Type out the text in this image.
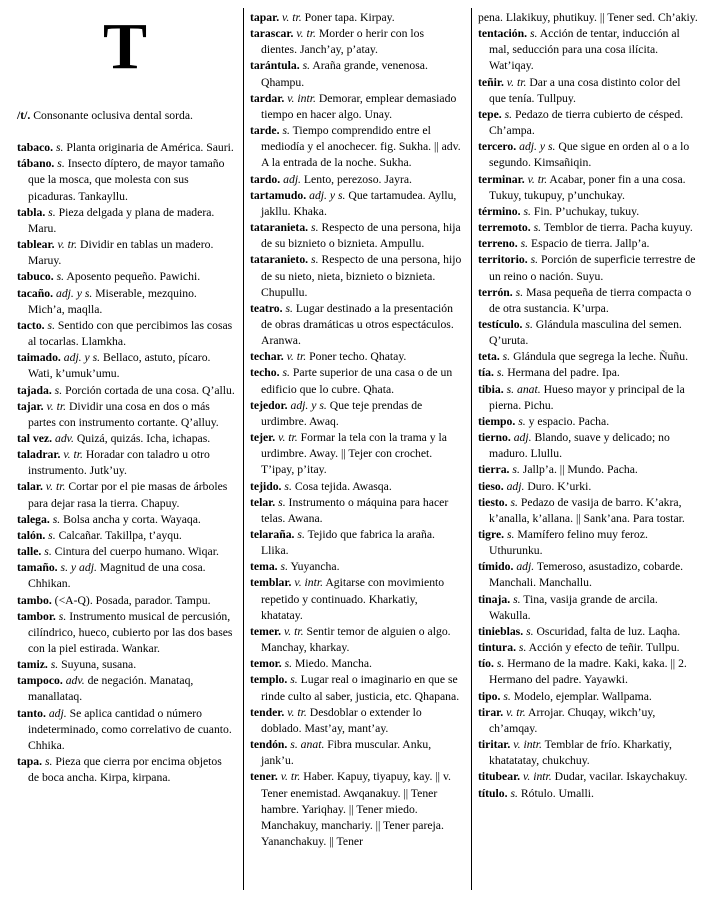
T
/t/. Consonante oclusiva dental sorda.
tabaco. s. Planta originaria de América. Sauri.
tábano. s. Insecto díptero, de mayor tamaño que la mosca, que molesta con sus picaduras. Tankayllu.
tabla. s. Pieza delgada y plana de madera. Maru.
tablear. v. tr. Dividir en tablas un madero. Maruy.
tabuco. s. Aposento pequeño. Pawichi.
tacaño. adj. y s. Miserable, mezquino. Mich’a, maqlla.
tacto. s. Sentido con que percibimos las cosas al tocarlas. Llamkha.
taimado. adj. y s. Bellaco, astuto, pícaro. Wati, k’umuk’umu.
tajada. s. Porción cortada de una cosa. Q’allu.
tajar. v. tr. Dividir una cosa en dos o más partes con instrumento cortante. Q’alluy.
tal vez. adv. Quizá, quizás. Icha, ichapas.
taladrar. v. tr. Horadar con taladro u otro instrumento. Jutk’uy.
talar. v. tr. Cortar por el pie masas de árboles para dejar rasa la tierra. Chapuy.
talega. s. Bolsa ancha y corta. Wayaqa.
talón. s. Calcañar. Takillpa, t’ayqu.
talle. s. Cintura del cuerpo humano. Wiqar.
tamaño. s. y adj. Magnitud de una cosa. Chhikan.
tambo. (<A-Q). Posada, parador. Tampu.
tambor. s. Instrumento musical de percusión, cilíndrico, hueco, cubierto por las dos bases con la piel estirada. Wankar.
tamiz. s. Suyuna, susana.
tampoco. adv. de negación. Manataq, manallataq.
tanto. adj. Se aplica cantidad o número indeterminado, como correlativo de cuanto. Chhika.
tapa. s. Pieza que cierra por encima objetos de boca ancha. Kirpa, kirpana.
tapar. v. tr. Poner tapa. Kirpay.
tarascar. v. tr. Morder o herir con los dientes. Janch’ay, p’atay.
tarántula. s. Araña grande, venenosa. Qhampu.
tardar. v. intr. Demorar, emplear demasiado tiempo en hacer algo. Unay.
tarde. s. Tiempo comprendido entre el mediodía y el anochecer. fig. Sukha. || adv. A la entrada de la noche. Sukha.
tardo. adj. Lento, perezoso. Jayra.
tartamudo. adj. y s. Que tartamudea. Ayllu, jakllu. Khaka.
tataranieta. s. Respecto de una persona, hija de su biznieto o biznieta. Ampullu.
tataranieto. s. Respecto de una persona, hijo de su nieto, nieta, biznieto o biznieta. Chupullu.
teatro. s. Lugar destinado a la presentación de obras dramáticas u otros espectáculos. Aranwa.
techar. v. tr. Poner techo. Qhatay.
techo. s. Parte superior de una casa o de un edificio que lo cubre. Qhata.
tejedor. adj. y s. Que teje prendas de urdimbre. Awaq.
tejer. v. tr. Formar la tela con la trama y la urdimbre. Away. || Tejer con crochet. T’ipay, p’itay.
tejido. s. Cosa tejida. Awasqa.
telar. s. Instrumento o máquina para hacer telas. Awana.
telaraña. s. Tejido que fabrica la araña. Llika.
tema. s. Yuyancha.
temblar. v. intr. Agitarse con movimiento repetido y continuado. Kharkatiy, khatatay.
temer. v. tr. Sentir temor de alguien o algo. Manchay, kharkay.
temor. s. Miedo. Mancha.
templo. s. Lugar real o imaginario en que se rinde culto al saber, justicia, etc. Qhapana.
tender. v. tr. Desdoblar o extender lo doblado. Mast’ay, mant’ay.
tendón. s. anat. Fibra muscular. Anku, jank’u.
tener. v. tr. Haber. Kapuy, tiyapuy, kay. || v. Tener enemistad. Awqanakuy. || Tener hambre. Yariqhay. || Tener miedo. Manchakuy, manchariy. || Tener pareja. Yananchakuy. || Tener
pena. Llakikuy, phutikuy. || Tener sed. Ch’akiy.
tentación. s. Acción de tentar, inducción al mal, seducción para una cosa ilícita. Wat’iqay.
teñir. v. tr. Dar a una cosa distinto color del que tenía. Tullpuy.
tepe. s. Pedazo de tierra cubierto de césped. Ch’ampa.
tercero. adj. y s. Que sigue en orden al o a lo segundo. Kimsañiqin.
terminar. v. tr. Acabar, poner fin a una cosa. Tukuy, tukupuy, p’unchukay.
término. s. Fin. P’uchukay, tukuy.
terremoto. s. Temblor de tierra. Pacha kuyuy.
terreno. s. Espacio de tierra. Jallp’a.
territorio. s. Porción de superficie terrestre de un reino o nación. Suyu.
terrón. s. Masa pequeña de tierra compacta o de otra sustancia. K’urpa.
testículo. s. Glándula masculina del semen. Q’uruta.
teta. s. Glándula que segrega la leche. Ñuñu.
tía. s. Hermana del padre. Ipa.
tibia. s. anat. Hueso mayor y principal de la pierna. Pichu.
tiempo. s. y espacio. Pacha.
tierno. adj. Blando, suave y delicado; no maduro. Llullu.
tierra. s. Jallp’a. || Mundo. Pacha.
tieso. adj. Duro. K’urki.
tiesto. s. Pedazo de vasija de barro. K’akra, k’analla, k’allana. || Sank’ana. Para tostar.
tigre. s. Mamífero felino muy feroz. Uthurunku.
tímido. adj. Temeroso, asustadizo, cobarde. Manchali. Manchallu.
tinaja. s. Tina, vasija grande de arcila. Wakulla.
tinieblas. s. Oscuridad, falta de luz. Laqha.
tintura. s. Acción y efecto de teñir. Tullpu.
tío. s. Hermano de la madre. Kaki, kaka. || 2. Hermano del padre. Yayawki.
tipo. s. Modelo, ejemplar. Wallpama.
tirar. v. tr. Arrojar. Chuqay, wikch’uy, ch’amqay.
tiritar. v. intr. Temblar de frío. Kharkatiy, khatatatay, chukchuy.
titubear. v. intr. Dudar, vacilar. Iskaychakuy.
título. s. Rótulo. Umalli.
